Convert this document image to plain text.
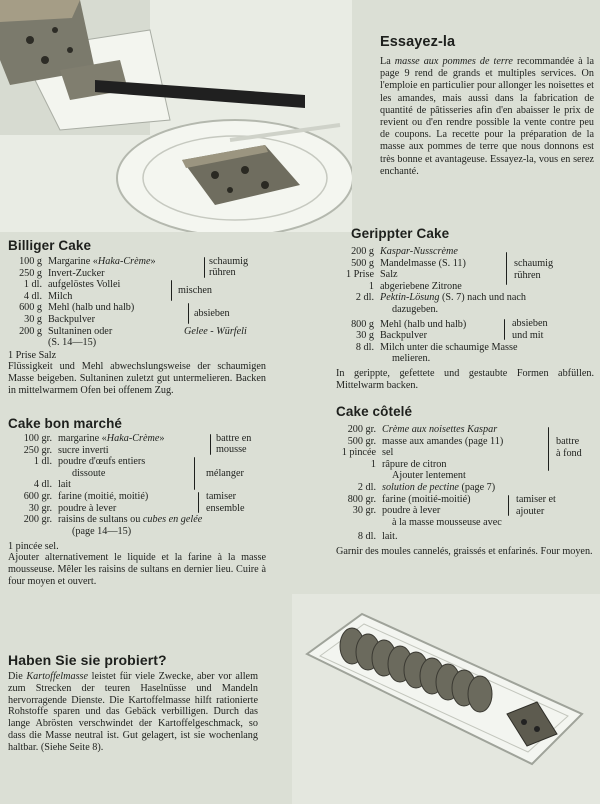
Essayez-la

La masse aux pommes de terre recommandée à la page 9 rend de grands et multiples services. On l'emploie en particulier pour allonger les noisettes et les amandes, mais aussi dans la fabrication de quantité de pâtisseries afin d'en abaisser le prix de revient ou d'en rendre possible la vente contre peu de coupons. La recette pour la préparation de la masse aux pommes de terre que nous donnons est très bonne et avantageuse. Essayez-la, vous en serez enchanté.

Billiger Cake
100 g Margarine «Haka-Crème»
250 g Invert-Zucker
1 dl. aufgelöstes Vollei
4 dl. Milch
600 g Mehl (halb und halb)
30 g Backpulver
200 g Sultaninen oder
(S. 14—15)
schaumig
rühren
mischen
absieben
Gelee - Würfeli

1 Prise Salz

Flüssigkeit und Mehl abwechslungsweise der schaumigen Masse beigeben. Sultaninen zuletzt gut untermelieren. Backen in mittelwarmem Ofen bei offenem Zug.

Cake bon marché
100 gr. margarine «Haka-Crème»
250 gr. sucre inverti
1 dl. poudre d'œufs entiers
dissoute
4 dl. lait
600 gr. farine (moitié, moitié)
30 gr. poudre à lever
200 gr. raisins de sultans ou cubes en gelée
(page 14—15)
battre en
mousse
mélanger
tamiser
ensemble

1 pincée sel.

Ajouter alternativement le liquide et la farine à la masse mousseuse. Mêler les raisins de sultans en dernier lieu. Cuire à four moyen et ouvert.

Gerippter Cake
200 g Kaspar-Nusscrème
500 g Mandelmasse (S. 11)
1 Prise Salz
1 abgeriebene Zitrone
2 dl. Pektin-Lösung (S. 7) nach und nach
dazugeben.
800 g Mehl (halb und halb)
30 g Backpulver
8 dl. Milch unter die schaumige Masse
melieren.
schaumig
rühren
absieben
und mit

In gerippte, gefettete und gestaubte Formen abfüllen. Mittelwarm backen.

Cake côtelé
200 gr. Crème aux noisettes Kaspar
500 gr. masse aux amandes (page 11)
1 pincée sel
1 râpure de citron
Ajouter lentement
2 dl. solution de pectine (page 7)
800 gr. farine (moitié-moitié)
30 gr. poudre à lever
à la masse mousseuse avec
8 dl. lait.
battre
à fond
tamiser et
ajouter

Garnir des moules cannelés, graissés et enfarinés. Four moyen.

Haben Sie sie probiert?

Die Kartoffelmasse leistet für viele Zwecke, aber vor allem zum Strecken der teuren Haselnüsse und Mandeln hervorragende Dienste. Die Kartoffelmasse hilft rationierte Rohstoffe sparen und das Gebäck verbilligen. Durch das lange Abrösten verschwindet der Kartoffelgeschmack, so dass die Masse neutral ist. Gut gelagert, ist sie wochenlang haltbar. (Siehe Seite 8).
